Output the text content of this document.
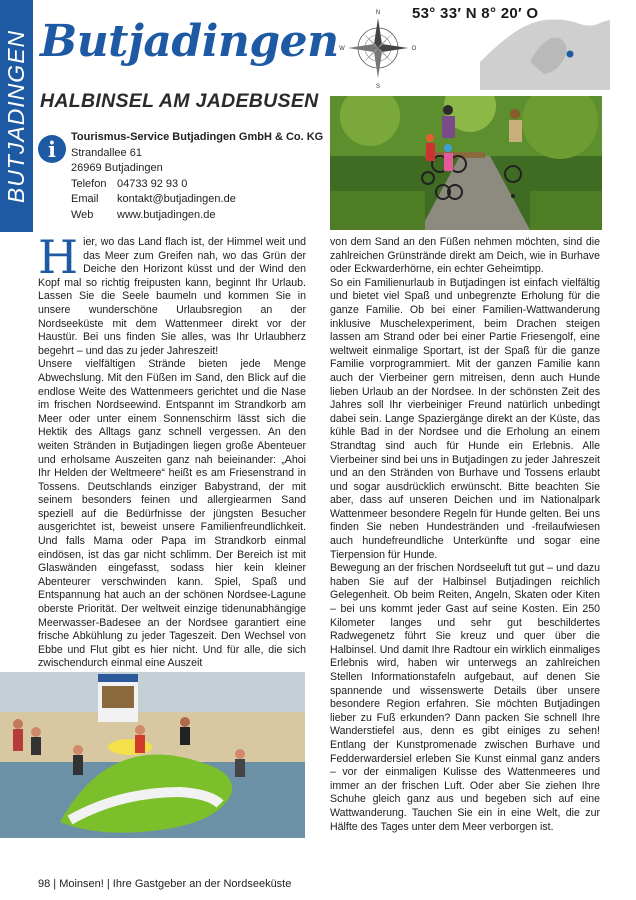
BUTJADINGEN Butjadingen
HALBINSEL AM JADEBUSEN
N
S
W	O
53° 33′ N 8° 20′ O
i	Tourismus-Service Butjadingen GmbH & Co. KG
Strandallee 61
26969 Butjadingen
Telefon 04733 92 93 0
Email	kontakt@butjadingen.de
Web	www.butjadingen.de

Hier, wo das Land flach ist, der Himmel weit und das Meer zum Greifen nah, wo das Grün der Deiche den Horizont küsst und der Wind den Kopf mal so richtig freipusten kann, beginnt Ihr Urlaub. Lassen Sie die Seele baumeln und kommen Sie in unsere wunderschöne Urlaubsregion an der Nordseeküste mit dem Wattenmeer direkt vor der Haustür. Bei uns finden Sie alles, was Ihr Urlaubherz begehrt – und das zu jeder Jahreszeit!

Unsere vielfältigen Strände bieten jede Menge Abwechslung. Mit den Füßen im Sand, den Blick auf die endlose Weite des Wattenmeers gerichtet und die Nase im frischen Nordseewind. Entspannt im Strandkorb am Meer oder unter einem Sonnenschirm lässt sich die Hektik des Alltags ganz schnell vergessen. An den weiten Stränden in Butjadingen liegen große Abenteuer und erholsame Auszeiten ganz nah beieinander: „Ahoi Ihr Helden der Weltmeere“ heißt es am Friesenstrand in Tossens. Deutschlands einziger Babystrand, der mit seinem besonders feinen und allergiearmen Sand speziell auf die Bedürfnisse der jüngsten Besucher ausgerichtet ist, beweist unsere Familienfreundlichkeit. Und falls Mama oder Papa im Strandkorb einmal eindösen, ist das gar nicht schlimm. Der Bereich ist mit Glaswänden eingefasst, sodass hier kein kleiner Abenteurer verschwinden kann. Spiel, Spaß und Entspannung hat auch an der schönen Nordsee-Lagune oberste Priorität. Der weltweit einzige tidenunabhängige Meerwasser-Badesee an der Nordsee garantiert eine frische Abkühlung zu jeder Tageszeit. Den Wechsel von Ebbe und Flut gibt es hier nicht. Und für alle, die sich zwischendurch einmal eine Auszeit

von dem Sand an den Füßen nehmen möchten, sind die zahlreichen Grünstrände direkt am Deich, wie in Burhave oder Eckwarderhörne, ein echter Geheimtipp.

So ein Familienurlaub in Butjadingen ist einfach vielfältig und bietet viel Spaß und unbegrenzte Erholung für die ganze Familie. Ob bei einer Familien-Wattwanderung inklusive Muschelexperiment, beim Drachen steigen lassen am Strand oder bei einer Partie Friesengolf, eine weltweit einmalige Sportart, ist der Spaß für die ganze Familie vorprogrammiert. Mit der ganzen Familie kann auch der Vierbeiner gern mitreisen, denn auch Hunde lieben Urlaub an der Nordsee. In der schönsten Zeit des Jahres soll Ihr vierbeiniger Freund natürlich unbedingt dabei sein. Lange Spaziergänge direkt an der Küste, das kühle Bad in der Nordsee und die Erholung an einem Strandtag sind auch für Hunde ein Erlebnis. Alle Vierbeiner sind bei uns in Butjadingen zu jeder Jahreszeit und an den Stränden von Burhave und Tossens erlaubt und sogar ausdrücklich erwünscht. Bitte beachten Sie aber, dass auf unseren Deichen und im Nationalpark Wattenmeer besondere Regeln für Hunde gelten. Bei uns finden Sie neben Hundestränden und -freilaufwiesen auch hundefreundliche Unterkünfte und sogar eine Tierpension für Hunde.

Bewegung an der frischen Nordseeluft tut gut – und dazu haben Sie auf der Halbinsel Butjadingen reichlich Gelegenheit. Ob beim Reiten, Angeln, Skaten oder Kiten – bei uns kommt jeder Gast auf seine Kosten. Ein 250 Kilometer langes und sehr gut beschildertes Radwegenetz führt Sie kreuz und quer über die Halbinsel. Und damit Ihre Radtour ein wirklich einmaliges Erlebnis wird, haben wir unterwegs an zahlreichen Stellen Informationstafeln aufgebaut, auf denen Sie spannende und wissenswerte Details über unsere besondere Region erfahren. Sie möchten Butjadingen lieber zu Fuß erkunden? Dann packen Sie schnell Ihre Wanderstiefel aus, denn es gibt einiges zu sehen! Entlang der Kunstpromenade zwischen Burhave und Fedderwardersiel erleben Sie Kunst einmal ganz anders – vor der einmaligen Kulisse des Wattenmeeres und immer an der frischen Luft. Oder aber Sie ziehen Ihre Schuhe gleich ganz aus und begeben sich auf eine Wattwanderung. Tauchen Sie ein in eine Welt, die zur Hälfte des Tages unter dem Meer verborgen ist.

98 | Moinsen! | Ihre Gastgeber an der Nordseeküste
